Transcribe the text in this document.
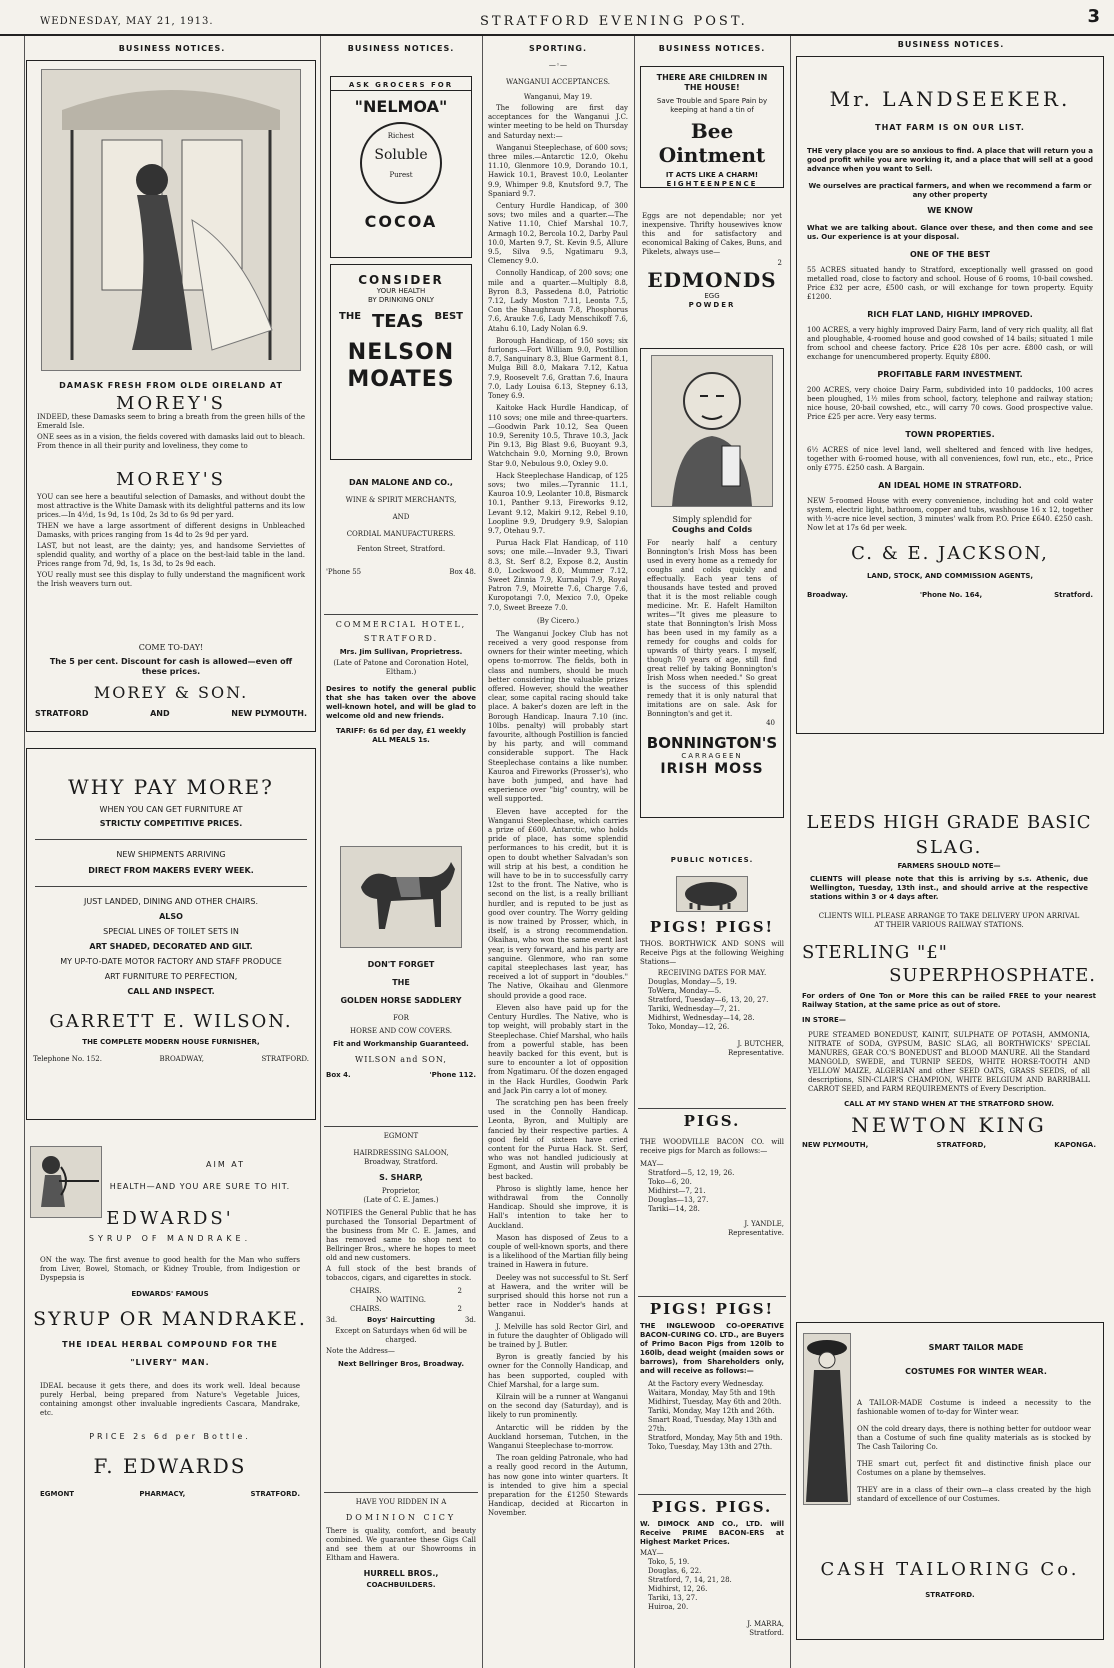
WEDNESDAY, MAY 21, 1913.	STRATFORD EVENING POST.	3
BUSINESS NOTICES.
DAMASK FRESH FROM OLDE OIRELAND AT
MOREY'S

INDEED, these Damasks seem to bring a breath from the green hills of the Emerald Isle.

ONE sees as in a vision, the fields covered with damasks laid out to bleach. From thence in all their purity and loveliness, they come to

MOREY'S

YOU can see here a beautiful selection of Damasks, and without doubt the most attractive is the White Damask with its delightful patterns and its low prices.—In 4½d, 1s 9d, 1s 10d, 2s 3d to 6s 9d per yard.

THEN we have a large assortment of different designs in Unbleached Damasks, with prices ranging from 1s 4d to 2s 9d per yard.

LAST, but not least, are the dainty; yes, and handsome Serviettes of splendid quality, and worthy of a place on the best-laid table in the land. Prices range from 7d, 9d, 1s, 1s 3d, to 2s 9d each.

YOU really must see this display to fully understand the magnificent work the Irish weavers turn out.

COME TO-DAY!
The 5 per cent. Discount for cash is allowed—even off these prices.
MOREY & SON.
STRATFORD	AND	NEW PLYMOUTH.
WHY PAY MORE?
WHEN YOU CAN GET FURNITURE AT
STRICTLY COMPETITIVE PRICES.
NEW SHIPMENTS ARRIVING
DIRECT FROM MAKERS EVERY WEEK.
JUST LANDED, DINING AND OTHER CHAIRS.
ALSO
SPECIAL LINES OF TOILET SETS IN
ART SHADED, DECORATED AND GILT.
MY UP-TO-DATE MOTOR FACTORY AND STAFF PRODUCE
ART FURNITURE TO PERFECTION,
CALL AND INSPECT.
GARRETT E. WILSON.
THE COMPLETE MODERN HOUSE FURNISHER,
Telephone No. 152.	BROADWAY,	STRATFORD.
AIM AT
HEALTH—AND YOU ARE SURE TO HIT.
EDWARDS'
SYRUP OF MANDRAKE.

ON the way. The first avenue to good health for the Man who suffers from Liver, Bowel, Stomach, or Kidney Trouble, from Indigestion or Dyspepsia is

EDWARDS' FAMOUS
SYRUP OR MANDRAKE.
THE IDEAL HERBAL COMPOUND FOR THE
"LIVERY" MAN.

IDEAL because it gets there, and does its work well. Ideal because purely Herbal, being prepared from Nature's Vegetable Juices, containing amongst other invaluable ingredients Cascara, Mandrake, etc.

PRICE 2s 6d per Bottle.
F. EDWARDS
EGMONT	PHARMACY,	STRATFORD.
BUSINESS NOTICES.
ASK GROCERS FOR
"NELMOA"
Richest
Soluble
Purest
COCOA
CONSIDER
YOUR HEALTH
BY DRINKING ONLY
THE TEAS BEST
NELSON
MOATES
DAN MALONE AND CO.,
WINE & SPIRIT MERCHANTS,
AND
CORDIAL MANUFACTURERS.
Fenton Street, Stratford.
'Phone 55	Box 48.
COMMERCIAL HOTEL,
STRATFORD.
Mrs. Jim Sullivan, Proprietress.
(Late of Patone and Coronation Hotel, Eltham.)

Desires to notify the general public that she has taken over the above well-known hotel, and will be glad to welcome old and new friends.

TARIFF: 6s 6d per day, £1 weekly
ALL MEALS 1s.
DON'T FORGET
THE
GOLDEN HORSE SADDLERY
FOR
HORSE AND COW COVERS.
Fit and Workmanship Guaranteed.
WILSON and SON,
Box 4.	'Phone 112.
EGMONT
HAIRDRESSING SALOON,
Broadway, Stratford.
S. SHARP,
Proprietor,
(Late of C. E. James.)

NOTIFIES the General Public that he has purchased the Tonsorial Department of the business from Mr C. E. James, and has removed same to shop next to Bellringer Bros., where he hopes to meet old and new customers.

A full stock of the best brands of tobaccos, cigars, and cigarettes in stock.

CHAIRS.	2
NO WAITING.
CHAIRS.	2
3d.	Boys' Haircutting	3d.
Except on Saturdays when 6d will be charged.
Note the Address—
Next Bellringer Bros, Broadway.
HAVE YOU RIDDEN IN A
DOMINION CICY

There is quality, comfort, and beauty combined. We guarantee these Gigs Call and see them at our Showrooms in Eltham and Hawera.

HURRELL BROS.,
COACHBUILDERS.
SPORTING.
—◦—
WANGANUI ACCEPTANCES.
Wanganui, May 19.

The following are first day acceptances for the Wanganui J.C. winter meeting to be held on Thursday and Saturday next:—

Wanganui Steeplechase, of 600 sovs; three miles.—Antarctic 12.0, Okehu 11.10, Glenmore 10.9, Dorando 10.1, Hawick 10.1, Bravest 10.0, Leolanter 9.9, Whimper 9.8, Knutsford 9.7, The Spaniard 9.7.

Century Hurdle Handicap, of 300 sovs; two miles and a quarter.—The Native 11.10, Chief Marshal 10.7, Armagh 10.2, Bercola 10.2, Darby Paul 10.0, Marten 9.7, St. Kevin 9.5, Allure 9.5, Silva 9.5, Ngatimaru 9.3, Clemency 9.0.

Connolly Handicap, of 200 sovs; one mile and a quarter.—Multiply 8.8, Byron 8.3, Passedena 8.0, Patriotic 7.12, Lady Moston 7.11, Leonta 7.5, Con the Shaughraun 7.8, Phosphorus 7.6, Arauke 7.6, Lady Menschikoff 7.6, Atahu 6.10, Lady Nolan 6.9.

Borough Handicap, of 150 sovs; six furlongs.—Fort William 9.0, Postillion 8.7, Sanguinary 8.3, Blue Garment 8.1, Mulga Bill 8.0, Makara 7.12, Katua 7.9, Roosevelt 7.6, Grattan 7.6, Inaura 7.0, Lady Louisa 6.13, Stepney 6.13, Toney 6.9.

Kaitoke Hack Hurdle Handicap, of 110 sovs; one mile and three-quarters.—Goodwin Park 10.12, Sea Queen 10.9, Serenity 10.5, Thrave 10.3, Jack Pin 9.13, Big Blast 9.6, Buoyant 9.3, Watchchain 9.0, Morning 9.0, Brown Star 9.0, Nebulous 9.0, Oxley 9.0.

Hack Steeplechase Handicap, of 125 sovs; two miles.—Tyrannic 11.1, Kauroa 10.9, Leolanter 10.8, Bismarck 10.1, Panther 9.13, Fireworks 9.12, Levant 9.12, Makiri 9.12, Rebel 9.10, Loopline 9.9, Drudgery 9.9, Salopian 9.7, Otehau 9.7.

Purua Hack Flat Handicap, of 110 sovs; one mile.—Invader 9.3, Tiwari 8.3, St. Serf 8.2, Expose 8.2, Austin 8.0, Lockwood 8.0, Mummer 7.12, Sweet Zinnia 7.9, Kurnalpi 7.9, Royal Patron 7.9, Moirette 7.6, Charge 7.6, Kuropotangi 7.0, Mexico 7.0, Opeke 7.0, Sweet Breeze 7.0.

(By Cicero.)

The Wanganui Jockey Club has not received a very good response from owners for their winter meeting, which opens to-morrow. The fields, both in class and numbers, should be much better considering the valuable prizes offered. However, should the weather clear, some capital racing should take place. A baker's dozen are left in the Borough Handicap. Inaura 7.10 (inc. 10lbs. penalty) will probably start favourite, although Postillion is fancied by his party, and will command considerable support. The Hack Steeplechase contains a like number. Kauroa and Fireworks (Prosser's), who have both jumped, and have had experience over "big" country, will be well supported.

Eleven have accepted for the Wanganui Steeplechase, which carries a prize of £600. Antarctic, who holds pride of place, has some splendid performances to his credit, but it is open to doubt whether Salvadan's son will strip at his best, a condition he will have to be in to successfully carry 12st to the front. The Native, who is second on the list, is a really brilliant hurdler, and is reputed to be just as good over country. The Worry gelding is now trained by Prosser, which, in itself, is a strong recommendation. Okaihau, who won the same event last year, is very forward, and his party are sanguine. Glenmore, who ran some capital steeplechases last year, has received a lot of support in "doubles." The Native, Okaihau and Glenmore should provide a good race.

Eleven also have paid up for the Century Hurdles. The Native, who is top weight, will probably start in the Steeplechase. Chief Marshal, who hails from a powerful stable, has been heavily backed for this event, but is sure to encounter a lot of opposition from Ngatimaru. Of the dozen engaged in the Hack Hurdles, Goodwin Park and Jack Pin carry a lot of money.

The scratching pen has been freely used in the Connolly Handicap. Leonta, Byron, and Multiply are fancied by their respective parties. A good field of sixteen have cried content for the Purua Hack. St. Serf, who was not handled judiciously at Egmont, and Austin will probably be best backed.

Phroso is slightly lame, hence her withdrawal from the Connolly Handicap. Should she improve, it is Hall's intention to take her to Auckland.

Mason has disposed of Zeus to a couple of well-known sports, and there is a likelihood of the Martian filly being trained in Hawera in future.

Deeley was not successful to St. Serf at Hawera, and the writer will be surprised should this horse not run a better race in Nodder's hands at Wanganui.

J. Melville has sold Rector Girl, and in future the daughter of Obligado will be trained by J. Butler.

Byron is greatly fancied by his owner for the Connolly Handicap, and has been supported, coupled with Chief Marshal, for a large sum.

Kilrain will be a runner at Wanganui on the second day (Saturday), and is likely to run prominently.

Antarctic will be ridden by the Auckland horseman, Tutchen, in the Wanganui Steeplechase to-morrow.

The roan gelding Patronale, who had a really good record in the Autumn, has now gone into winter quarters. It is intended to give him a special preparation for the £1250 Stewards Handicap, decided at Riccarton in November.

BUSINESS NOTICES.
THERE ARE CHILDREN IN
THE HOUSE!
Save Trouble and Spare Pain by keeping at hand a tin of
Bee Ointment
IT ACTS LIKE A CHARM!
EIGHTEENPENCE

Eggs are not dependable; nor yet inexpensive. Thrifty housewives know this and for satisfactory and economical Baking of Cakes, Buns, and Pikelets, always use—

2
EDMONDS
EGG
POWDER
Simply splendid for
Coughs and Colds

For nearly half a century Bonnington's Irish Moss has been used in every home as a remedy for coughs and colds quickly and effectually. Each year tens of thousands have tested and proved that it is the most reliable cough medicine. Mr. E. Hafelt Hamilton writes—"It gives me pleasure to state that Bonnington's Irish Moss has been used in my family as a remedy for coughs and colds for upwards of thirty years. I myself, though 70 years of age, still find great relief by taking Bonnington's Irish Moss when needed." So great is the success of this splendid remedy that it is only natural that imitations are on sale. Ask for Bonnington's and get it.

40
BONNINGTON'S
CARRAGEEN
IRISH MOSS
PUBLIC NOTICES.
PIGS! PIGS!

THOS. BORTHWICK AND SONS will Receive Pigs at the following Weighing Stations—

RECEIVING DATES FOR MAY.
Douglas, Monday—5, 19.
ToWera, Monday—5.
Stratford, Tuesday—6, 13, 20, 27.
Tariki, Wednesday—7, 21.
Midhirst, Wednesday—14, 28.
Toko, Monday—12, 26.
J. BUTCHER,
Representative.
PIGS.

THE WOODVILLE BACON CO. will receive pigs for March as follows:—

MAY—
Stratford—5, 12, 19, 26.
Toko—6, 20.
Midhirst—7, 21.
Douglas—13, 27.
Tariki—14, 28.
J. YANDLE,
Representative.
PIGS! PIGS!

THE INGLEWOOD CO-OPERATIVE BACON-CURING CO. LTD., are Buyers of Primo Bacon Pigs from 120lb to 160lb, dead weight (maiden sows or barrows), from Shareholders only, and will receive as follows:—

At the Factory every Wednesday.
Waitara, Monday, May 5th and 19th
Midhirst, Tuesday, May 6th and 20th.
Tariki, Monday, May 12th and 26th.
Smart Road, Tuesday, May 13th and 27th.
Stratford, Monday, May 5th and 19th.
Toko, Tuesday, May 13th and 27th.
PIGS. PIGS.

W. DIMOCK AND CO., LTD. will Receive PRIME BACON-ERS at Highest Market Prices.

MAY—
Toko, 5, 19.
Douglas, 6, 22.
Stratford, 7, 14, 21, 28.
Midhirst, 12, 26.
Tariki, 13, 27.
Huiroa, 20.
J. MARRA,
Stratford.
BUSINESS NOTICES.
Mr. LANDSEEKER.
THAT FARM IS ON OUR LIST.

THE very place you are so anxious to find. A place that will return you a good profit while you are working it, and a place that will sell at a good advance when you want to Sell.

We ourselves are practical farmers, and when we recommend a farm or any other property

WE KNOW

What we are talking about. Glance over these, and then come and see us. Our experience is at your disposal.

ONE OF THE BEST

55 ACRES situated handy to Stratford, exceptionally well grassed on good metalled road, close to factory and school. House of 6 rooms, 10-bail cowshed. Price £32 per acre, £500 cash, or will exchange for town property. Equity £1200.

RICH FLAT LAND, HIGHLY IMPROVED.

100 ACRES, a very highly improved Dairy Farm, land of very rich quality, all flat and ploughable, 4-roomed house and good cowshed of 14 bails; situated 1 mile from school and cheese factory. Price £28 10s per acre. £800 cash, or will exchange for unencumbered property. Equity £800.

PROFITABLE FARM INVESTMENT.

200 ACRES, very choice Dairy Farm, subdivided into 10 paddocks, 100 acres been ploughed, 1½ miles from school, factory, telephone and railway station; nice house, 20-bail cowshed, etc., will carry 70 cows. Good prospective value. Price £25 per acre. Very easy terms.

TOWN PROPERTIES.

6½ ACRES of nice level land, well sheltered and fenced with live hedges, together with 6-roomed house, with all conveniences, fowl run, etc., etc., Price only £775. £250 cash. A Bargain.

AN IDEAL HOME IN STRATFORD.

NEW 5-roomed House with every convenience, including hot and cold water system, electric light, bathroom, copper and tubs, washhouse 16 x 12, together with ½-acre nice level section, 3 minutes' walk from P.O. Price £640. £250 cash. Now let at 17s 6d per week.

C. & E. JACKSON,
LAND, STOCK, AND COMMISSION AGENTS,
Broadway.	'Phone No. 164,	Stratford.
LEEDS HIGH GRADE BASIC
SLAG.
FARMERS SHOULD NOTE—

CLIENTS will please note that this is arriving by s.s. Athenic, due Wellington, Tuesday, 13th inst., and should arrive at the respective stations within 3 or 4 days after.

CLIENTS WILL PLEASE ARRANGE TO TAKE DELIVERY UPON ARRIVAL AT THEIR VARIOUS RAILWAY STATIONS.

STERLING "£"
SUPERPHOSPHATE.

For orders of One Ton or More this can be railed FREE to your nearest Railway Station, at the same price as out of store.

IN STORE—

PURE STEAMED BONEDUST, KAINIT, SULPHATE OF POTASH, AMMONIA, NITRATE of SODA, GYPSUM, BASIC SLAG, all BORTHWICKS' SPECIAL MANURES, GEAR CO.'S BONEDUST and BLOOD MANURE. All the Standard MANGOLD, SWEDE, and TURNIP SEEDS, WHITE HORSE-TOOTH AND YELLOW MAIZE, ALGERIAN and other SEED OATS, GRASS SEEDS, of all descriptions, SIN-CLAIR'S CHAMPION, WHITE BELGIUM AND BARRIBALL CARROT SEED, and FARM REQUIREMENTS of Every Description.

CALL AT MY STAND WHEN AT THE STRATFORD SHOW.
NEWTON KING
NEW PLYMOUTH,	STRATFORD,	KAPONGA.
SMART TAILOR MADE
COSTUMES FOR WINTER WEAR.

A TAILOR-MADE Costume is indeed a necessity to the fashionable women of to-day for Winter wear.

ON the cold dreary days, there is nothing better for outdoor wear than a Costume of such fine quality materials as is stocked by The Cash Tailoring Co.

THE smart cut, perfect fit and distinctive finish place our Costumes on a plane by themselves.

THEY are in a class of their own—a class created by the high standard of excellence of our Costumes.

CASH TAILORING Co.
STRATFORD.
